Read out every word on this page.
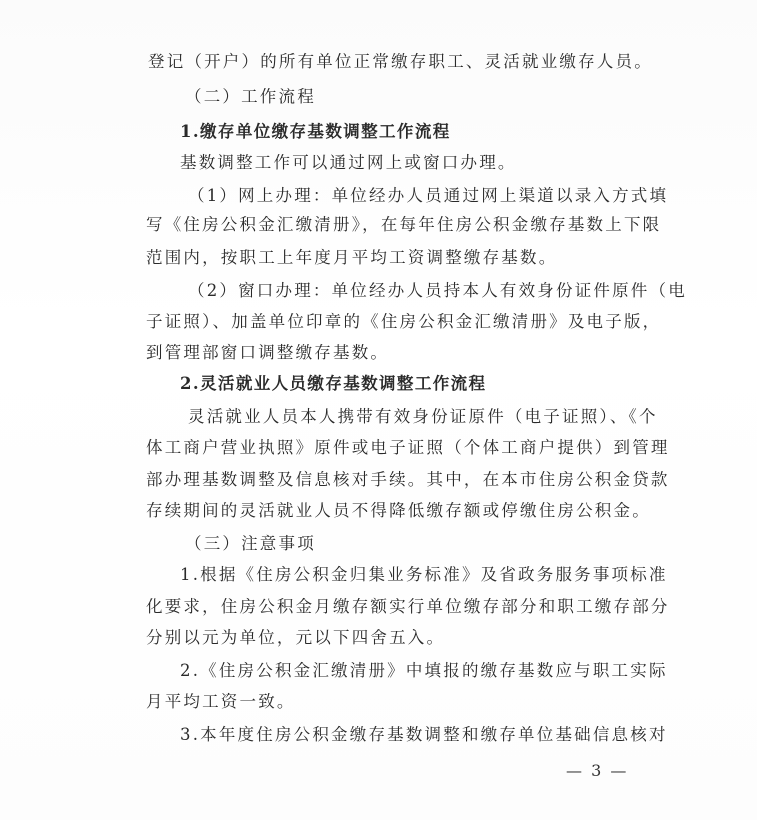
登记（开户）的所有单位正常缴存职工、灵活就业缴存人员。
（二）工作流程
1.缴存单位缴存基数调整工作流程
基数调整工作可以通过网上或窗口办理。
（1）网上办理：单位经办人员通过网上渠道以录入方式填
写《住房公积金汇缴清册》，在每年住房公积金缴存基数上下限
范围内，按职工上年度月平均工资调整缴存基数。
（2）窗口办理：单位经办人员持本人有效身份证件原件（电
子证照）、加盖单位印章的《住房公积金汇缴清册》及电子版，
到管理部窗口调整缴存基数。
2.灵活就业人员缴存基数调整工作流程
灵活就业人员本人携带有效身份证原件（电子证照）、《个
体工商户营业执照》原件或电子证照（个体工商户提供）到管理
部办理基数调整及信息核对手续。其中，在本市住房公积金贷款
存续期间的灵活就业人员不得降低缴存额或停缴住房公积金。
（三）注意事项
1.根据《住房公积金归集业务标准》及省政务服务事项标准
化要求，住房公积金月缴存额实行单位缴存部分和职工缴存部分
分别以元为单位，元以下四舍五入。
2.《住房公积金汇缴清册》中填报的缴存基数应与职工实际
月平均工资一致。
3.本年度住房公积金缴存基数调整和缴存单位基础信息核对
— 3 —
